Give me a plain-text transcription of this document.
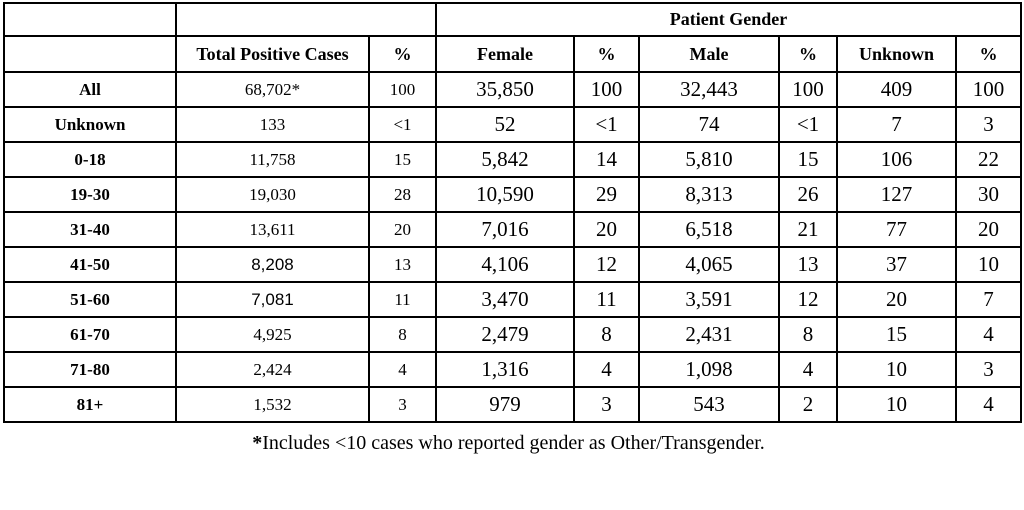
			Patient Gender					
	Total Positive Cases	%	Female	%	Male	%	Unknown	%
All	68,702*	100	35,850	100	32,443	100	409	100
Unknown	133	<1	52	<1	74	<1	7	3
0-18	11,758	15	5,842	14	5,810	15	106	22
19-30	19,030	28	10,590	29	8,313	26	127	30
31-40	13,611	20	7,016	20	6,518	21	77	20
41-50	8,208	13	4,106	12	4,065	13	37	10
51-60	7,081	11	3,470	11	3,591	12	20	7
61-70	4,925	8	2,479	8	2,431	8	15	4
71-80	2,424	4	1,316	4	1,098	4	10	3
81+	1,532	3	979	3	543	2	10	4
*Includes <10 cases who reported gender as Other/Transgender.
